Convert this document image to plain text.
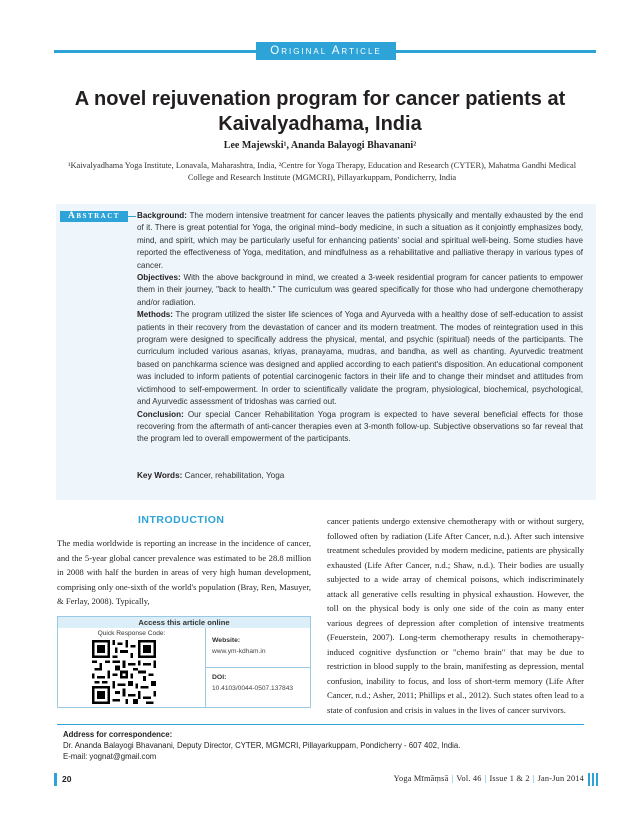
Original Article
A novel rejuvenation program for cancer patients at Kaivalyadhama, India
Lee Majewski¹, Ananda Balayogi Bhavanani²
¹Kaivalyadhama Yoga Institute, Lonavala, Maharashtra, India, ²Centre for Yoga Therapy, Education and Research (CYTER), Mahatma Gandhi Medical College and Research Institute (MGMCRI), Pillayarkuppam, Pondicherry, India
Abstract	Background: The modern intensive treatment for cancer leaves the patients physically and mentally exhausted by the end of it. There is great potential for Yoga, the original mind–body medicine, in such a situation as it conjointly emphasizes body, mind, and spirit, which may be particularly useful for enhancing patients' social and spiritual well-being. Some studies have reported the effectiveness of Yoga, meditation, and mindfulness as a rehabilitative and palliative therapy in various types of cancer.

Objectives: With the above background in mind, we created a 3-week residential program for cancer patients to empower them in their journey, "back to health." The curriculum was geared specifically for those who had undergone chemotherapy and/or radiation.

Methods: The program utilized the sister life sciences of Yoga and Ayurveda with a healthy dose of self-education to assist patients in their recovery from the devastation of cancer and its modern treatment. The modes of reintegration used in this program were designed to specifically address the physical, mental, and psychic (spiritual) needs of the participants. The curriculum included various asanas, kriyas, pranayama, mudras, and bandha, as well as chanting. Ayurvedic treatment based on panchkarma science was designed and applied according to each patient's disposition. An educational component was included to inform patients of potential carcinogenic factors in their life and to change their mindset and attitudes from victimhood to self-empowerment. In order to scientifically validate the program, physiological, biochemical, psychological, and Ayurvedic assessment of tridoshas was carried out.

Conclusion: Our special Cancer Rehabilitation Yoga program is expected to have several beneficial effects for those recovering from the aftermath of anti-cancer therapies even at 3-month follow-up. Subjective observations so far reveal that the program led to overall empowerment of the participants.

Key Words: Cancer, rehabilitation, Yoga
INTRODUCTION
The media worldwide is reporting an increase in the incidence of cancer, and the 5-year global cancer prevalence was estimated to be 28.8 million in 2008 with half the burden in areas of very high human development, comprising only one-sixth of the world's population (Bray, Ren, Masuyer, & Ferlay, 2008). Typically,
cancer patients undergo extensive chemotherapy with or without surgery, followed often by radiation (Life After Cancer, n.d.). After such intensive treatment schedules provided by modern medicine, patients are physically exhausted (Life After Cancer, n.d.; Shaw, n.d.). Their bodies are usually subjected to a wide array of chemical poisons, which indiscriminately attack all generative cells resulting in physical exhaustion. However, the toll on the physical body is only one side of the coin as many enter various degrees of depression after completion of intensive treatments (Feuerstein, 2007). Long-term chemotherapy results in chemotherapy-induced cognitive dysfunction or "chemo brain" that may be due to restriction in blood supply to the brain, manifesting as depression, mental confusion, inability to focus, and loss of short-term memory (Life After Cancer, n.d.; Asher, 2011; Phillips et al., 2012). Such states often lead to a state of confusion and crisis in values in the lives of cancer survivors.
Access this article online
Quick Response Code:
Website:
www.ym-kdham.in
DOI:
10.4103/0044-0507.137843
Address for correspondence:
Dr. Ananda Balayogi Bhavanani, Deputy Director, CYTER, MGMCRI, Pillayarkuppam, Pondicherry - 607 402, India.
E-mail: yognat@gmail.com
20	Yoga Mīmāṃsā | Vol. 46 | Issue 1 & 2 | Jan-Jun 2014
